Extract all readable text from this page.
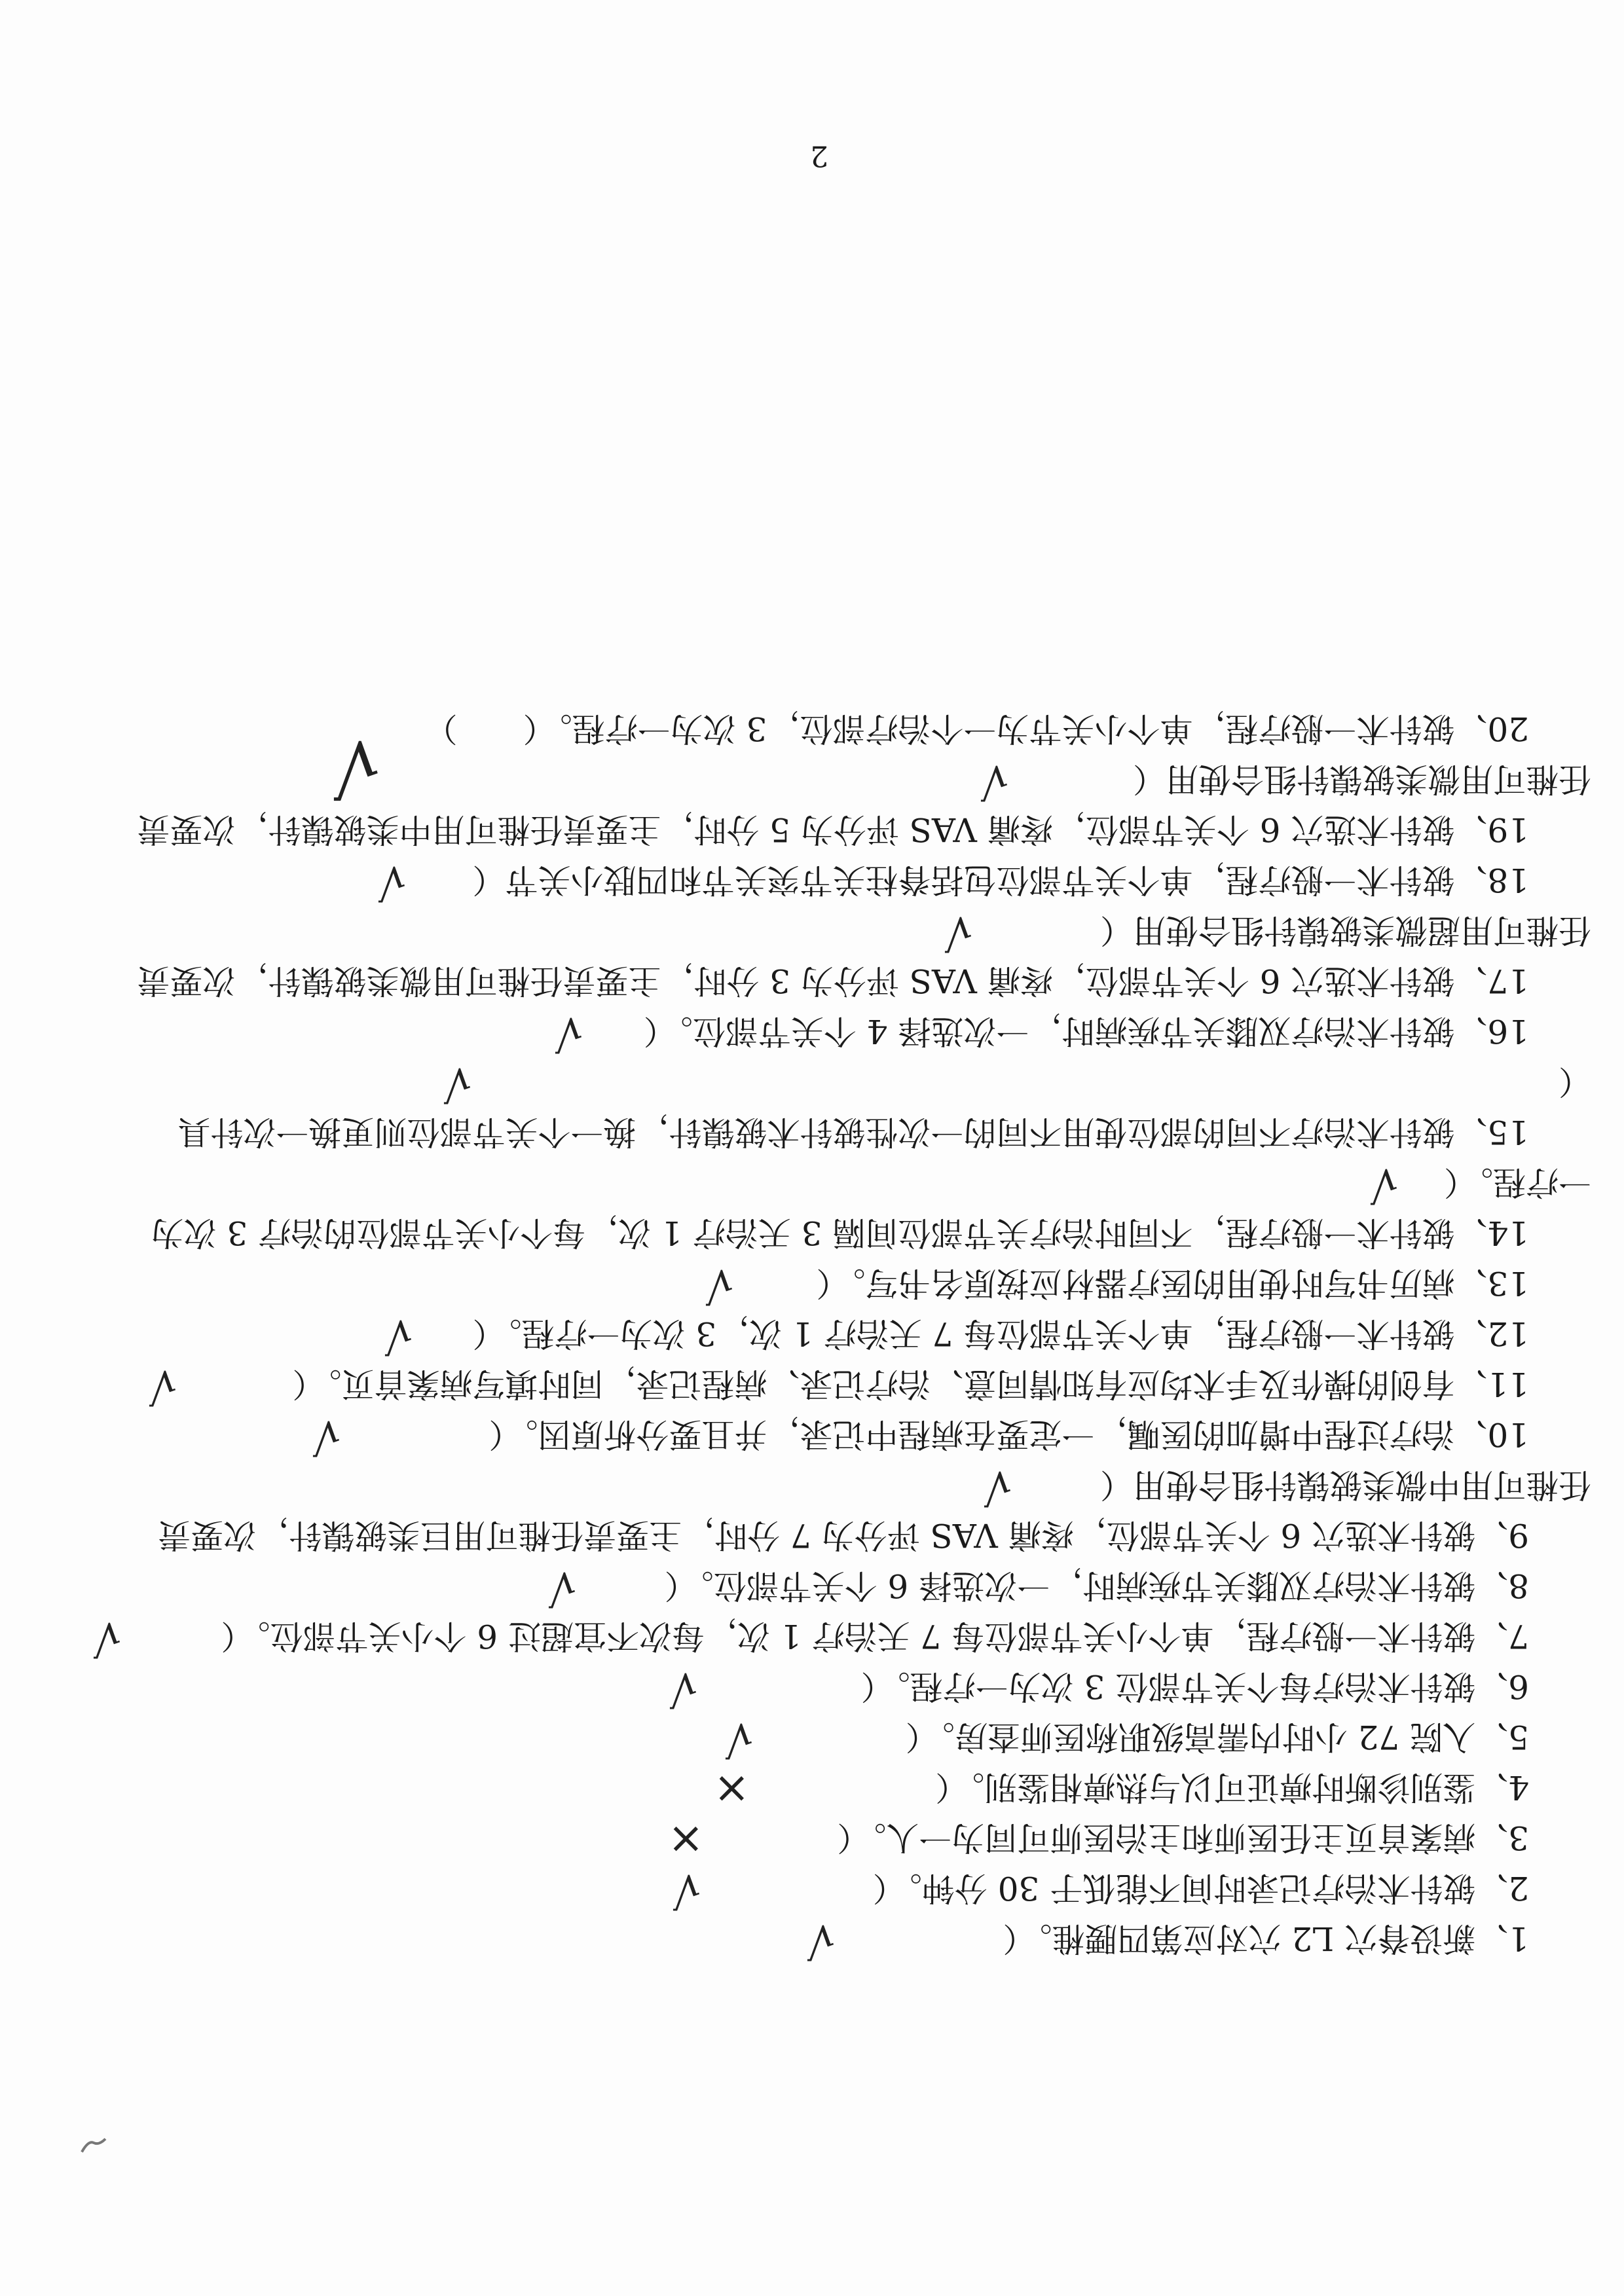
1、新设脊穴 L2 穴对应第四腰椎。（
√
2、铍针术治疗记录时间不能低于 30 分钟。（
√
3、病案首页主任医师和主治医师可同为一人。（
×
4、鉴别诊断时痹证可以与热痹相鉴别。（
×
5、入院 72 小时内需高级职称医师查房。（
√
6、铍针术治疗每个关节部位 3 次为一疗程。（
√
7、铍针术一般疗程，单个小关节部位每 7 天治疗 1 次，每次不宜超过 6 个小关节部位。（
√
8、铍针术治疗双膝关节疾病时，一次选择 6 个关节部位。（
√
9、铍针术选穴 6 个关节部位，疼痛 VAS 评分为 7 分时，主要责任椎可用巨类铍镍针，次要责
任椎可用中微类铍镍针组合使用（
√
10、治疗过程中增加的医嘱，一定要在病程中记录，并且要分析原因。（
√
11、有创的操作及手术均应有知情同意、治疗记录、病程记录，同时填写病案首页。（
√
12、铍针术一般疗程，单个关节部位每 7 天治疗 1 次，3 次为一疗程。（
√
13、病历书写时使用的医疗器材应按原名书写。（
√
14、铍针术一般疗程，不同时治疗关节部位间隔 3 天治疗 1 次，每个小关节部位的治疗 3 次为
一疗程。（
√
15、铍针术治疗不同的部位使用不同的一次性铍针术铍镍针，换一个关节部位则更换一次针具
（
√
16、铍针术治疗双膝关节疾病时，一次选择 4 个关节部位。（
√
17、铍针术选穴 6 个关节部位，疼痛 VAS 评分为 3 分时，主要责任椎可用微类铍镍针，次要责
任椎可用超微类铍镍针组合使用（
√
18、铍针术一般疗程，单个关节部位包括脊柱关节突关节和四肢小关节（
√
19、铍针术选穴 6 个关节部位，疼痛 VAS 评分为 5 分时，主要责任椎可用中类铍镍针，次要责
任椎可用微类铍镍针组合使用（
√
20、铍针术一般疗程，单个小关节为一个治疗部位，3 次为一疗程。（　　）
√
2
